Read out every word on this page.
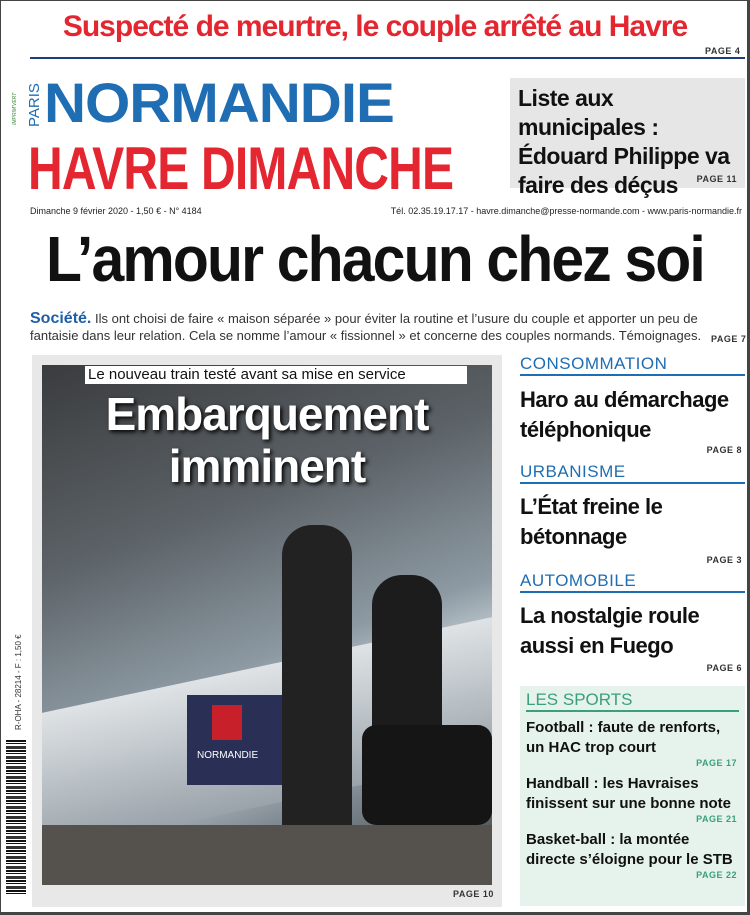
Suspecté de meurtre, le couple arrêté au Havre
PAGE 4
IMPRIM'VERT PARIS NORMANDIE
HAVRE DIMANCHE
Liste aux municipales : Édouard Philippe va faire des déçus	PAGE 11
Dimanche 9 février 2020 - 1,50 € - N° 4184	Tél. 02.35.19.17.17 - havre.dimanche@presse-normande.com - www.paris-normandie.fr
L’amour chacun chez soi
Société. Ils ont choisi de faire « maison séparée » pour éviter la routine et l’usure du couple et apporter un peu de fantaisie dans leur relation. Cela se nomme l’amour « fissionnel » et concerne des couples normands. Témoignages.	PAGE 7
NORMANDIE
Embarquement
imminent
Le nouveau train testé avant sa mise en service
PAGE 10
CONSOMMATION
Haro au démarchage téléphonique
PAGE 8
URBANISME
L’État freine le bétonnage
PAGE 3
AUTOMOBILE
La nostalgie roule aussi en Fuego
PAGE 6
LES SPORTS
Football : faute de renforts, un HAC trop court
PAGE 17
Handball : les Havraises finissent sur une bonne note
PAGE 21
Basket-ball : la montée directe s’éloigne pour le STB
PAGE 22
R-OHA - 28214 - F : 1,50 €
